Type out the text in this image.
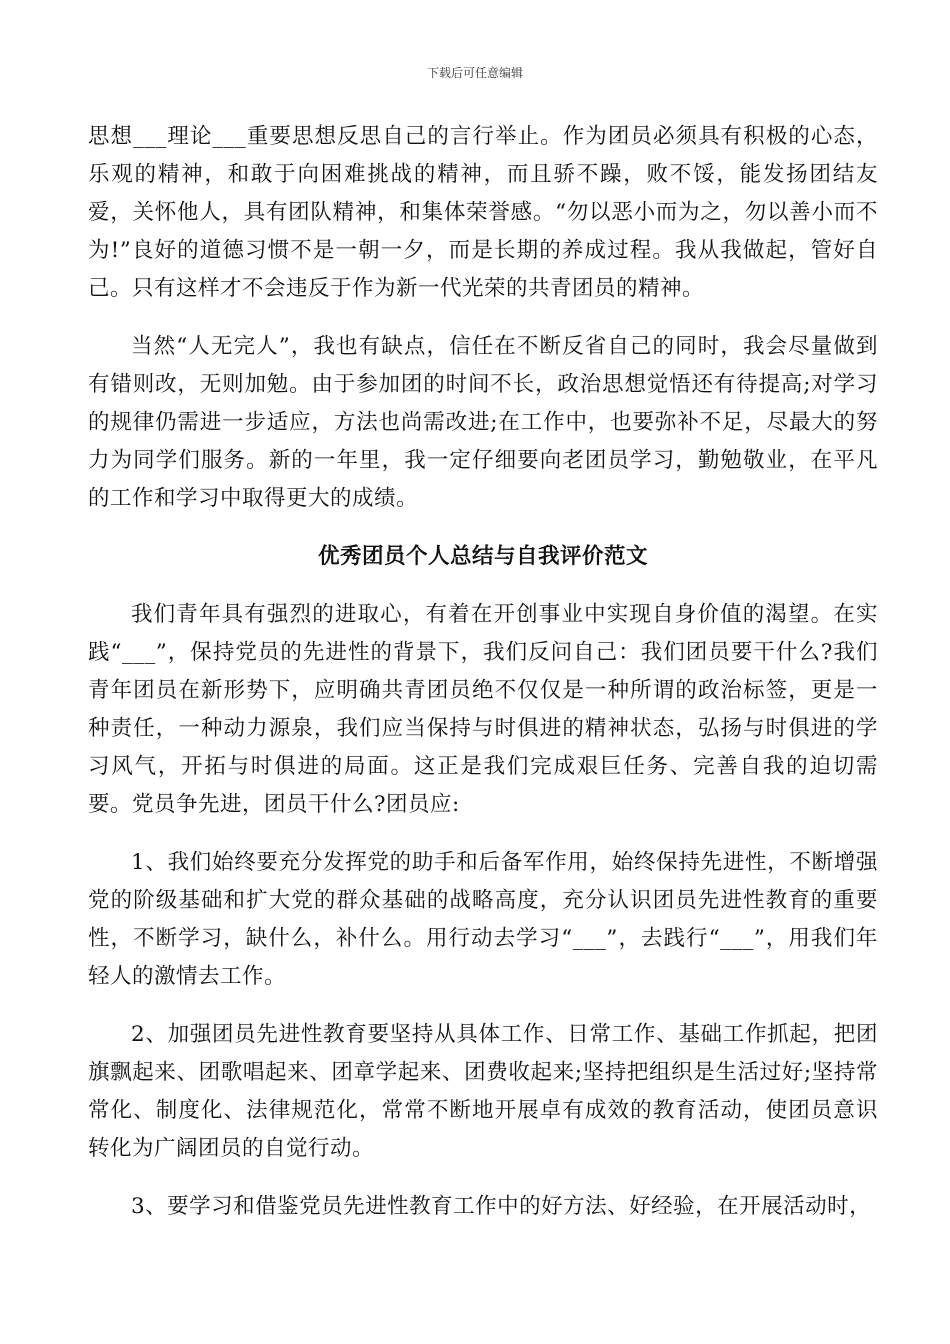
下载后可任意编辑

思想___理论___重要思想反思自己的言行举止。作为团员必须具有积极的心态，乐观的精神，和敢于向困难挑战的精神，而且骄不躁，败不馁，能发扬团结友爱，关怀他人，具有团队精神，和集体荣誉感。“勿以恶小而为之，勿以善小而不为!”良好的道德习惯不是一朝一夕，而是长期的养成过程。我从我做起，管好自己。只有这样才不会违反于作为新一代光荣的共青团员的精神。

当然“人无完人”，我也有缺点，信任在不断反省自己的同时，我会尽量做到有错则改，无则加勉。由于参加团的时间不长，政治思想觉悟还有待提高;对学习的规律仍需进一步适应，方法也尚需改进;在工作中，也要弥补不足，尽最大的努力为同学们服务。新的一年里，我一定仔细要向老团员学习，勤勉敬业，在平凡的工作和学习中取得更大的成绩。

优秀团员个人总结与自我评价范文

我们青年具有强烈的进取心，有着在开创事业中实现自身价值的渴望。在实践“___”，保持党员的先进性的背景下，我们反问自己：我们团员要干什么?我们青年团员在新形势下，应明确共青团员绝不仅仅是一种所谓的政治标签，更是一种责任，一种动力源泉，我们应当保持与时俱进的精神状态，弘扬与时俱进的学习风气，开拓与时俱进的局面。这正是我们完成艰巨任务、完善自我的迫切需要。党员争先进，团员干什么?团员应:

1、我们始终要充分发挥党的助手和后备军作用，始终保持先进性，不断增强党的阶级基础和扩大党的群众基础的战略高度，充分认识团员先进性教育的重要性，不断学习，缺什么，补什么。用行动去学习“___”，去践行“___”，用我们年轻人的激情去工作。

2、加强团员先进性教育要坚持从具体工作、日常工作、基础工作抓起，把团旗飘起来、团歌唱起来、团章学起来、团费收起来;坚持把组织是生活过好;坚持常常化、制度化、法律规范化，常常不断地开展卓有成效的教育活动，使团员意识转化为广阔团员的自觉行动。

3、要学习和借鉴党员先进性教育工作中的好方法、好经验，在开展活动时，
